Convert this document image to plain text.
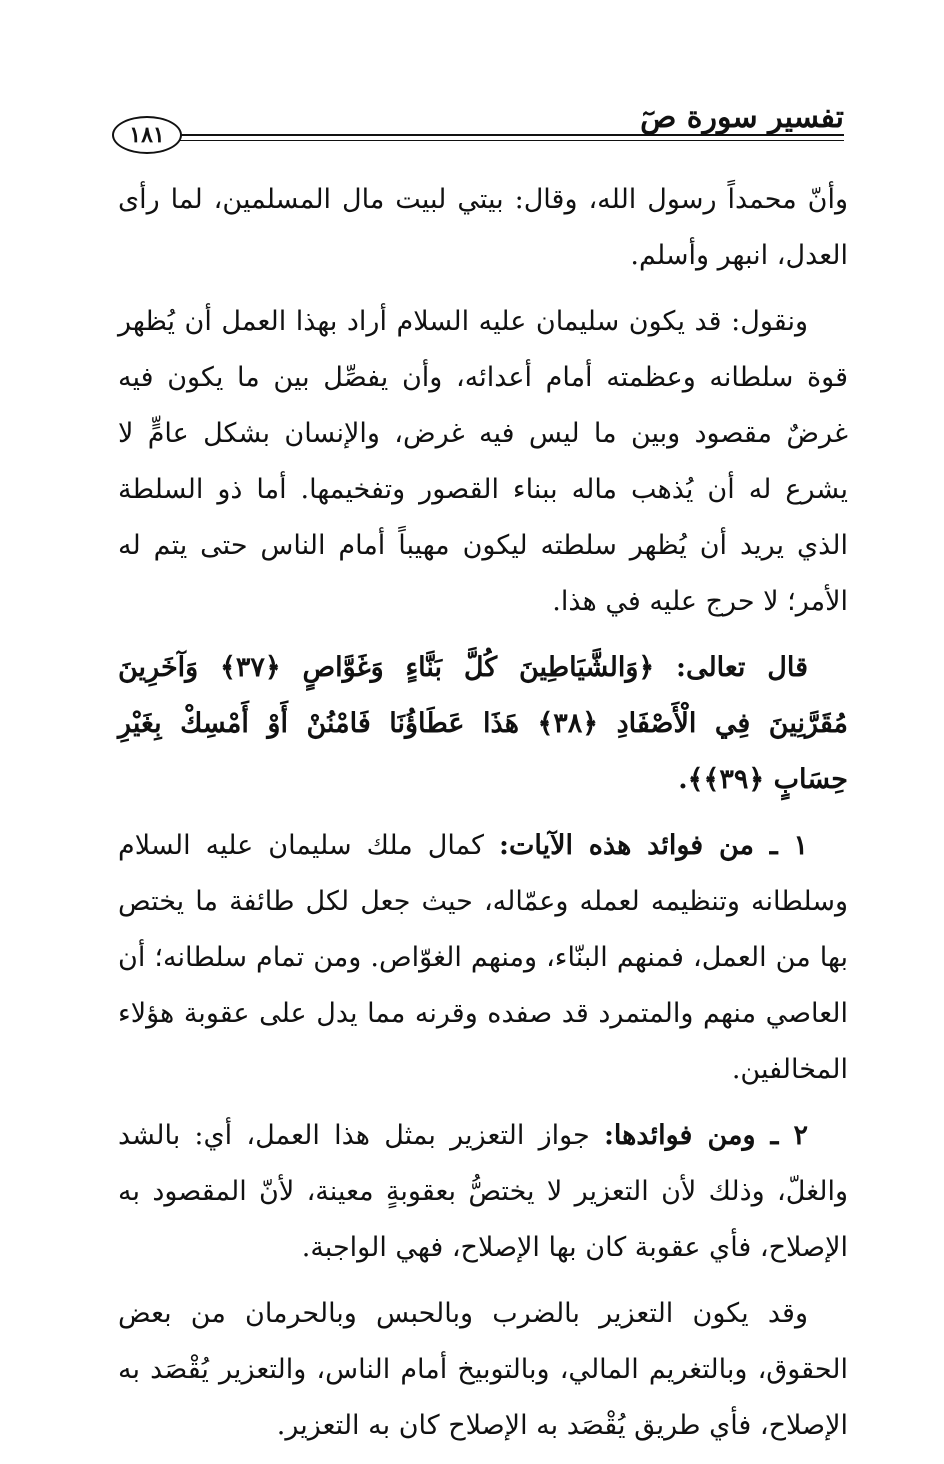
تفسير سورة صٓ
١٨١

وأنّ محمداً رسول الله، وقال: بيتي لبيت مال المسلمين، لما رأى العدل، انبهر وأسلم.

ونقول: قد يكون سليمان عليه السلام أراد بهذا العمل أن يُظهر قوة سلطانه وعظمته أمام أعدائه، وأن يفصِّل بين ما يكون فيه غرضٌ مقصود وبين ما ليس فيه غرض، والإنسان بشكل عامٍّ لا يشرع له أن يُذهب ماله ببناء القصور وتفخيمها. أما ذو السلطة الذي يريد أن يُظهر سلطته ليكون مهيباً أمام الناس حتى يتم له الأمر؛ لا حرج عليه في هذا.

قال تعالى: ﴿وَالشَّيَاطِينَ كُلَّ بَنَّاءٍ وَغَوَّاصٍ ﴿٣٧﴾ وَآخَرِينَ مُقَرَّنِينَ فِي الْأَصْفَادِ ﴿٣٨﴾ هَذَا عَطَاؤُنَا فَامْنُنْ أَوْ أَمْسِكْ بِغَيْرِ حِسَابٍ ﴿٣٩﴾﴾.

١ ـ من فوائد هذه الآيات: كمال ملك سليمان عليه السلام وسلطانه وتنظيمه لعمله وعمّاله، حيث جعل لكل طائفة ما يختص بها من العمل، فمنهم البنّاء، ومنهم الغوّاص. ومن تمام سلطانه؛ أن العاصي منهم والمتمرد قد صفده وقرنه مما يدل على عقوبة هؤلاء المخالفين.

٢ ـ ومن فوائدها: جواز التعزير بمثل هذا العمل، أي: بالشد والغلّ، وذلك لأن التعزير لا يختصُّ بعقوبةٍ معينة، لأنّ المقصود به الإصلاح، فأي عقوبة كان بها الإصلاح، فهي الواجبة.

وقد يكون التعزير بالضرب وبالحبس وبالحرمان من بعض الحقوق، وبالتغريم المالي، وبالتوبيخ أمام الناس، والتعزير يُقْصَد به الإصلاح، فأي طريق يُقْصَد به الإصلاح كان به التعزير.
